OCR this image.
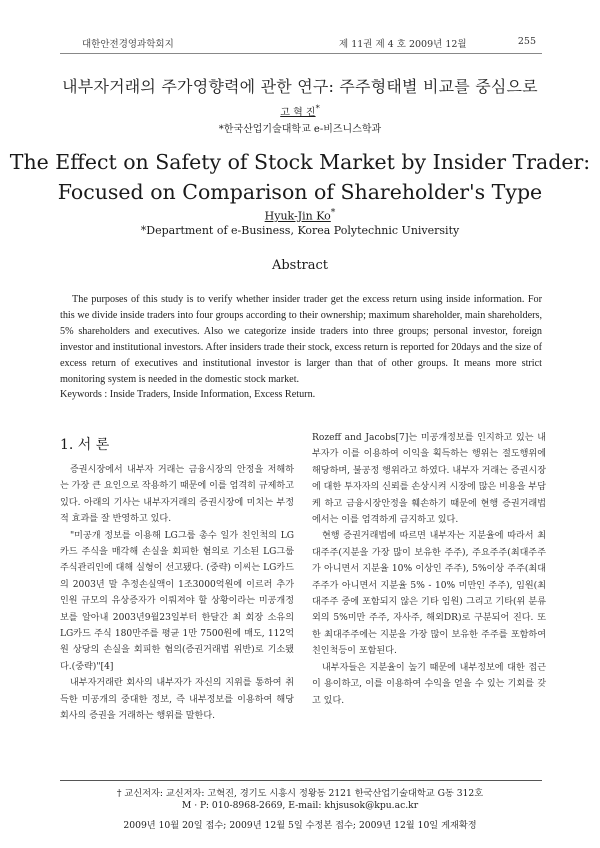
대한안전경영과학회지	제 11권 제 4 호 2009년 12월	255
내부자거래의 주가영향력에 관한 연구: 주주형태별 비교를 중심으로
고 혁 진*
*한국산업기술대학교 e-비즈니스학과
The Effect on Safety of Stock Market by Insider Trader:
Focused on Comparison of Shareholder's Type
Hyuk-Jin Ko*
*Department of e-Business, Korea Polytechnic University
Abstract

The purposes of this study is to verify whether insider trader get the excess return using inside information. For this we divide inside traders into four groups according to their ownership; maximum shareholder, main shareholders, 5% shareholders and executives. Also we categorize inside traders into three groups; personal investor, foreign investor and institutional investors. After insiders trade their stock, excess return is reported for 20days and the size of excess return of executives and institutional investor is larger than that of other groups. It means more strict monitoring system is needed in the domestic stock market.

Keywords : Inside Traders, Inside Information, Excess Return.

1. 서 론

증권시장에서 내부자 거래는 금융시장의 안정을 저해하는 가장 큰 요인으로 작용하기 때문에 이를 엄격히 규제하고 있다. 아래의 기사는 내부자거래의 증권시장에 미치는 부정적 효과를 잘 반영하고 있다.

"미공개 정보를 이용해 LG그룹 총수 일가 친인척의 LG카드 주식을 매각해 손실을 회피한 혐의로 기소된 LG그룹 주식관리인에 대해 실형이 선고됐다. (중략) 이씨는 LG카드의 2003년 말 추정손실액이 1조3000억원에 이르러 추가인원 규모의 유상증자가 이뤄져야 할 상황이라는 미공개정보를 알아내 2003년9월23일부터 한달간 최 회장 소유의 LG카드 주식 180만주를 평균 1만 7500원에 매도, 112억원 상당의 손실을 회피한 혐의(증권거래법 위반)로 기소됐다.(중략)"[4]

내부자거래란 회사의 내부자가 자신의 지위를 통하여 취득한 미공개의 중대한 정보, 즉 내부정보를 이용하여 해당 회사의 증권을 거래하는 행위를 말한다.

Rozeff and Jacobs[7]는 미공개정보를 인지하고 있는 내부자가 이를 이용하여 이익을 획득하는 행위는 절도행위에 해당하며, 불공정 행위라고 하였다. 내부자 거래는 증권시장에 대한 투자자의 신뢰를 손상시켜 시장에 많은 비용을 부담케 하고 금융시장안정을 훼손하기 때문에 현행 증권거래법에서는 이를 엄격하게 금지하고 있다.

현행 증권거래법에 따르면 내부자는 지분율에 따라서 최대주주(지분을 가장 많이 보유한 주주), 주요주주(최대주주가 아니면서 지분율 10% 이상인 주주), 5%이상 주주(최대주주가 아니면서 지분율 5% - 10% 미만인 주주), 임원(최대주주 중에 포함되지 않은 기타 임원) 그리고 기타(위 분류외의 5%미만 주주, 자사주, 해외DR)로 구분되어 진다. 또한 최대주주에는 지분을 가장 많이 보유한 주주를 포함하여 친인척등이 포함된다.

내부자들은 지분율이 높기 때문에 내부정보에 대한 접근이 용이하고, 이를 이용하여 수익을 얻을 수 있는 기회를 갖고 있다.

† 교신저자: 교신저자: 고혁진, 경기도 시흥시 정왕동 2121 한국산업기술대학교 G동 312호
M · P: 010-8968-2669, E-mail: khjsusok@kpu.ac.kr
2009년 10월 20일 접수; 2009년 12월 5일 수정본 접수; 2009년 12월 10일 게재확정
